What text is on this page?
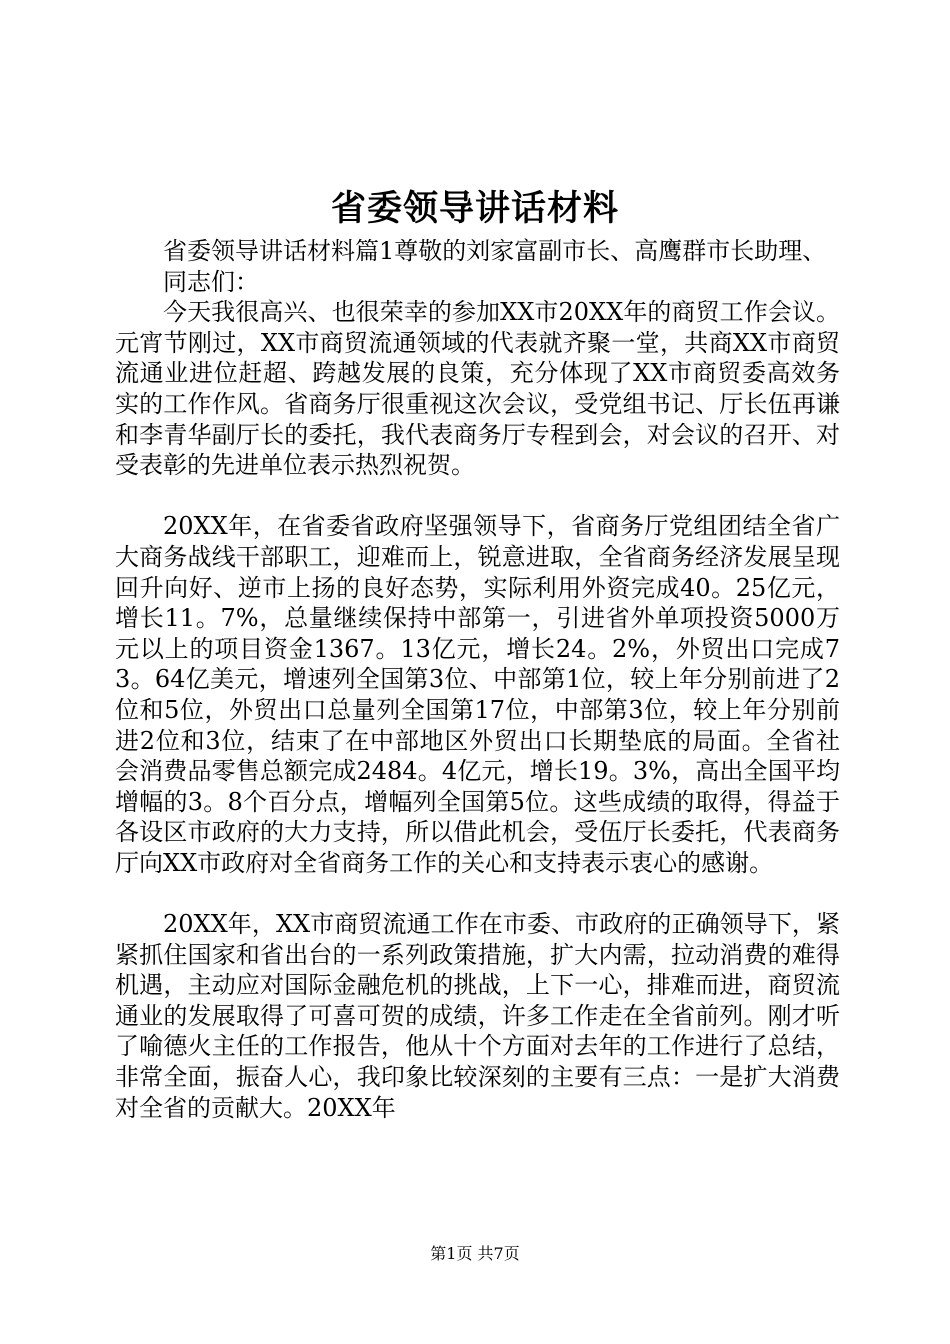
省委领导讲话材料

省委领导讲话材料篇1尊敬的刘家富副市长、高鹰群市长助理、

同志们：

今天我很高兴、也很荣幸的参加XX市20XX年的商贸工作会议。元宵节刚过，XX市商贸流通领域的代表就齐聚一堂，共商XX市商贸流通业进位赶超、跨越发展的良策，充分体现了XX市商贸委高效务实的工作作风。省商务厅很重视这次会议，受党组书记、厅长伍再谦和李青华副厅长的委托，我代表商务厅专程到会，对会议的召开、对受表彰的先进单位表示热烈祝贺。

20XX年，在省委省政府坚强领导下，省商务厅党组团结全省广大商务战线干部职工，迎难而上，锐意进取，全省商务经济发展呈现回升向好、逆市上扬的良好态势，实际利用外资完成40。25亿元，增长11。7%，总量继续保持中部第一，引进省外单项投资5000万元以上的项目资金1367。13亿元，增长24。2%，外贸出口完成73。64亿美元，增速列全国第3位、中部第1位，较上年分别前进了2位和5位，外贸出口总量列全国第17位，中部第3位，较上年分别前进2位和3位，结束了在中部地区外贸出口长期垫底的局面。全省社会消费品零售总额完成2484。4亿元，增长19。3%，高出全国平均增幅的3。8个百分点，增幅列全国第5位。这些成绩的取得，得益于各设区市政府的大力支持，所以借此机会，受伍厅长委托，代表商务厅向XX市政府对全省商务工作的关心和支持表示衷心的感谢。

20XX年，XX市商贸流通工作在市委、市政府的正确领导下，紧紧抓住国家和省出台的一系列政策措施，扩大内需，拉动消费的难得机遇，主动应对国际金融危机的挑战，上下一心，排难而进，商贸流通业的发展取得了可喜可贺的成绩，许多工作走在全省前列。刚才听了喻德火主任的工作报告，他从十个方面对去年的工作进行了总结，非常全面，振奋人心，我印象比较深刻的主要有三点：一是扩大消费对全省的贡献大。20XX年

第1页 共7页
